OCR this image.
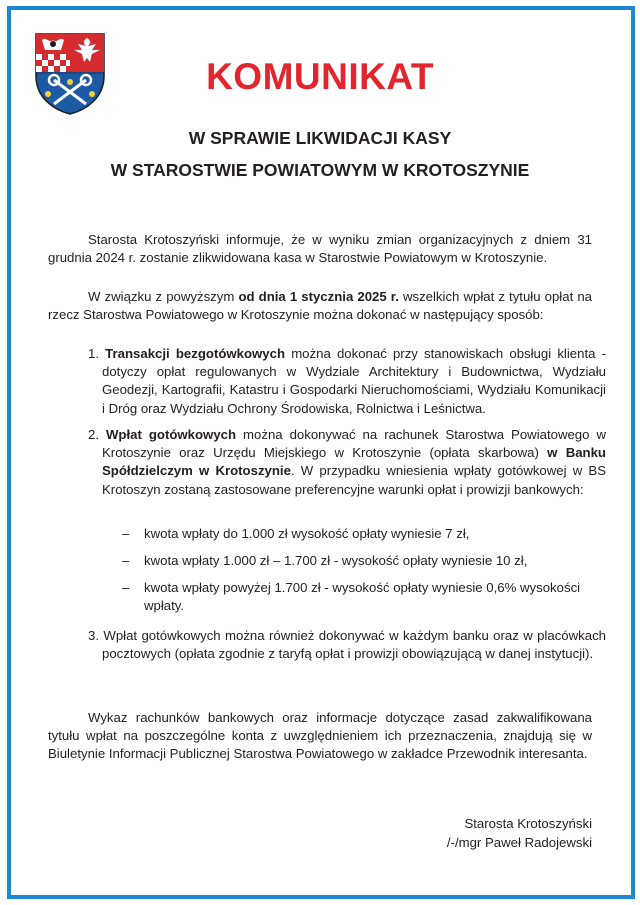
KOMUNIKAT
W SPRAWIE LIKWIDACJI KASY
W STAROSTWIE POWIATOWYM W KROTOSZYNIE

Starosta Krotoszyński informuje, że w wyniku zmian organizacyjnych z dniem 31 grudnia 2024 r. zostanie zlikwidowana kasa w Starostwie Powiatowym w Krotoszynie.

W związku z powyższym od dnia 1 stycznia 2025 r. wszelkich wpłat z tytułu opłat na rzecz Starostwa Powiatowego w Krotoszynie można dokonać w następujący sposób:

1. Transakcji bezgotówkowych można dokonać przy stanowiskach obsługi klienta - dotyczy opłat regulowanych w Wydziale Architektury i Budownictwa, Wydziału Geodezji, Kartografii, Katastru i Gospodarki Nieruchomościami, Wydziału Komunikacji i Dróg oraz Wydziału Ochrony Środowiska, Rolnictwa i Leśnictwa.

2. Wpłat gotówkowych można dokonywać na rachunek Starostwa Powiatowego w Krotoszynie oraz Urzędu Miejskiego w Krotoszynie (opłata skarbowa) w Banku Spółdzielczym w Krotoszynie. W przypadku wniesienia wpłaty gotówkowej w BS Krotoszyn zostaną zastosowane preferencyjne warunki opłat i prowizji bankowych:

– kwota wpłaty do 1.000 zł wysokość opłaty wyniesie 7 zł,

– kwota wpłaty 1.000 zł – 1.700 zł - wysokość opłaty wyniesie 10 zł,

– kwota wpłaty powyżej 1.700 zł - wysokość opłaty wyniesie 0,6% wysokości wpłaty.

3. Wpłat gotówkowych można również dokonywać w każdym banku oraz w placówkach pocztowych (opłata zgodnie z taryfą opłat i prowizji obowiązującą w danej instytucji).

Wykaz rachunków bankowych oraz informacje dotyczące zasad zakwalifikowana tytułu wpłat na poszczególne konta z uwzględnieniem ich przeznaczenia, znajdują się w Biuletynie Informacji Publicznej Starostwa Powiatowego w zakładce Przewodnik interesanta.

Starosta Krotoszyński
/-/mgr Paweł Radojewski
